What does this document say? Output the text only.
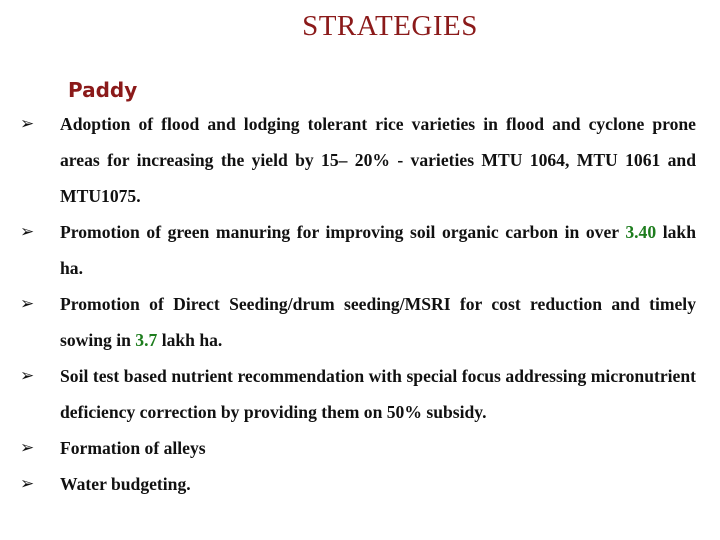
STRATEGIES
Paddy
➢ Adoption of flood and lodging tolerant rice varieties in flood and cyclone prone areas for increasing the yield by 15– 20% - varieties MTU 1064, MTU 1061 and MTU1075.
➢ Promotion of green manuring for improving soil organic carbon in over 3.40 lakh ha.
➢ Promotion of Direct Seeding/drum seeding/MSRI for cost reduction and timely sowing in 3.7 lakh ha.
➢ Soil test based nutrient recommendation with special focus addressing micronutrient deficiency correction by providing them on 50% subsidy.
➢ Formation of alleys
➢ Water budgeting.
